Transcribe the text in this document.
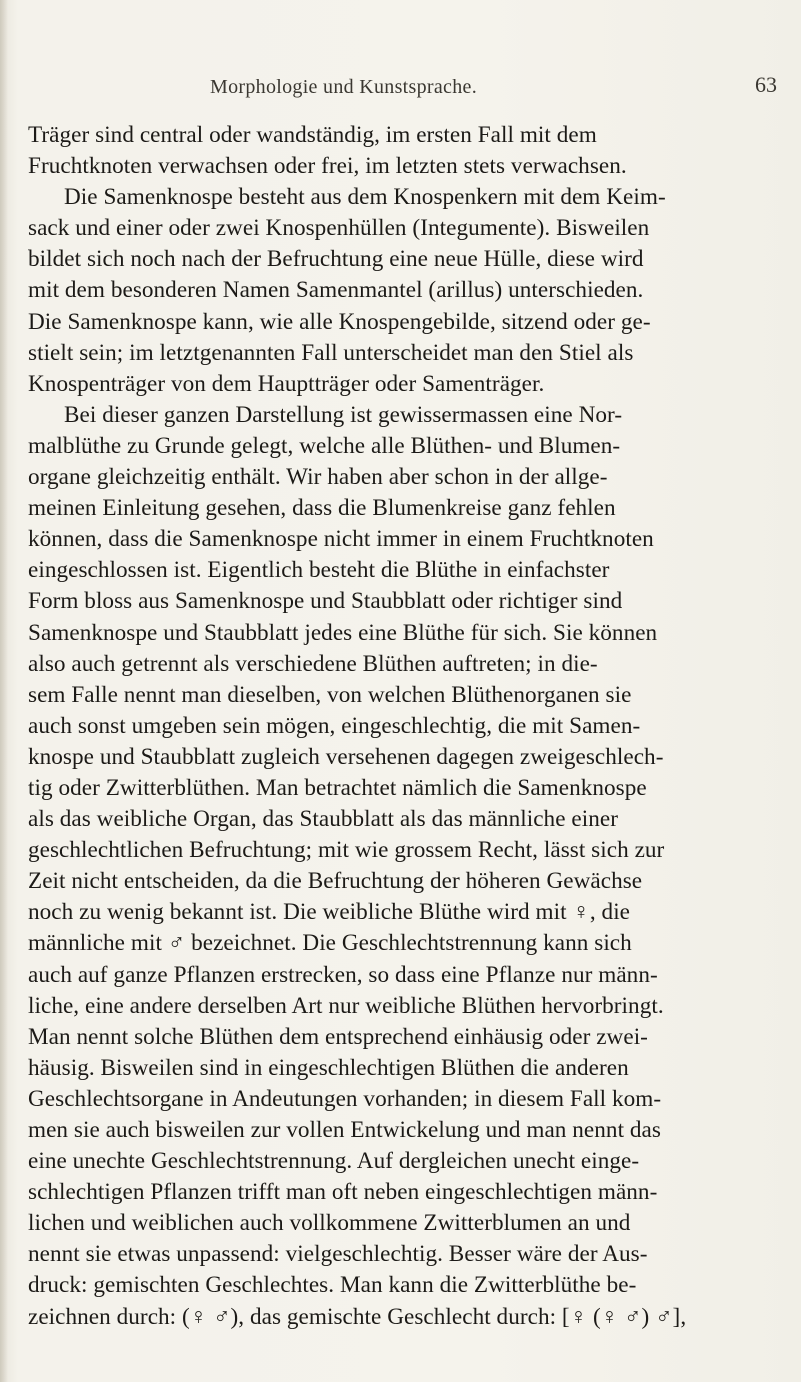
Morphologie und Kunstsprache.	63
Träger sind central oder wandständig, im ersten Fall mit dem
Fruchtknoten verwachsen oder frei, im letzten stets verwachsen.
Die Samenknospe besteht aus dem Knospenkern mit dem Keim-
sack und einer oder zwei Knospenhüllen (Integumente). Bisweilen
bildet sich noch nach der Befruchtung eine neue Hülle, diese wird
mit dem besonderen Namen Samenmantel (arillus) unterschieden.
Die Samenknospe kann, wie alle Knospengebilde, sitzend oder ge-
stielt sein; im letztgenannten Fall unterscheidet man den Stiel als
Knospenträger von dem Hauptträger oder Samenträger.
Bei dieser ganzen Darstellung ist gewissermassen eine Nor-
malblüthe zu Grunde gelegt, welche alle Blüthen- und Blumen-
organe gleichzeitig enthält. Wir haben aber schon in der allge-
meinen Einleitung gesehen, dass die Blumenkreise ganz fehlen
können, dass die Samenknospe nicht immer in einem Fruchtknoten
eingeschlossen ist. Eigentlich besteht die Blüthe in einfachster
Form bloss aus Samenknospe und Staubblatt oder richtiger sind
Samenknospe und Staubblatt jedes eine Blüthe für sich. Sie können
also auch getrennt als verschiedene Blüthen auftreten; in die-
sem Falle nennt man dieselben, von welchen Blüthenorganen sie
auch sonst umgeben sein mögen, eingeschlechtig, die mit Samen-
knospe und Staubblatt zugleich versehenen dagegen zweigeschlech-
tig oder Zwitterblüthen. Man betrachtet nämlich die Samenknospe
als das weibliche Organ, das Staubblatt als das männliche einer
geschlechtlichen Befruchtung; mit wie grossem Recht, lässt sich zur
Zeit nicht entscheiden, da die Befruchtung der höheren Gewächse
noch zu wenig bekannt ist. Die weibliche Blüthe wird mit ♀, die
männliche mit ♂ bezeichnet. Die Geschlechtstrennung kann sich
auch auf ganze Pflanzen erstrecken, so dass eine Pflanze nur männ-
liche, eine andere derselben Art nur weibliche Blüthen hervorbringt.
Man nennt solche Blüthen dem entsprechend einhäusig oder zwei-
häusig. Bisweilen sind in eingeschlechtigen Blüthen die anderen
Geschlechtsorgane in Andeutungen vorhanden; in diesem Fall kom-
men sie auch bisweilen zur vollen Entwickelung und man nennt das
eine unechte Geschlechtstrennung. Auf dergleichen unecht einge-
schlechtigen Pflanzen trifft man oft neben eingeschlechtigen männ-
lichen und weiblichen auch vollkommene Zwitterblumen an und
nennt sie etwas unpassend: vielgeschlechtig. Besser wäre der Aus-
druck: gemischten Geschlechtes. Man kann die Zwitterblüthe be-
zeichnen durch: (♀ ♂), das gemischte Geschlecht durch: [♀ (♀ ♂) ♂],
